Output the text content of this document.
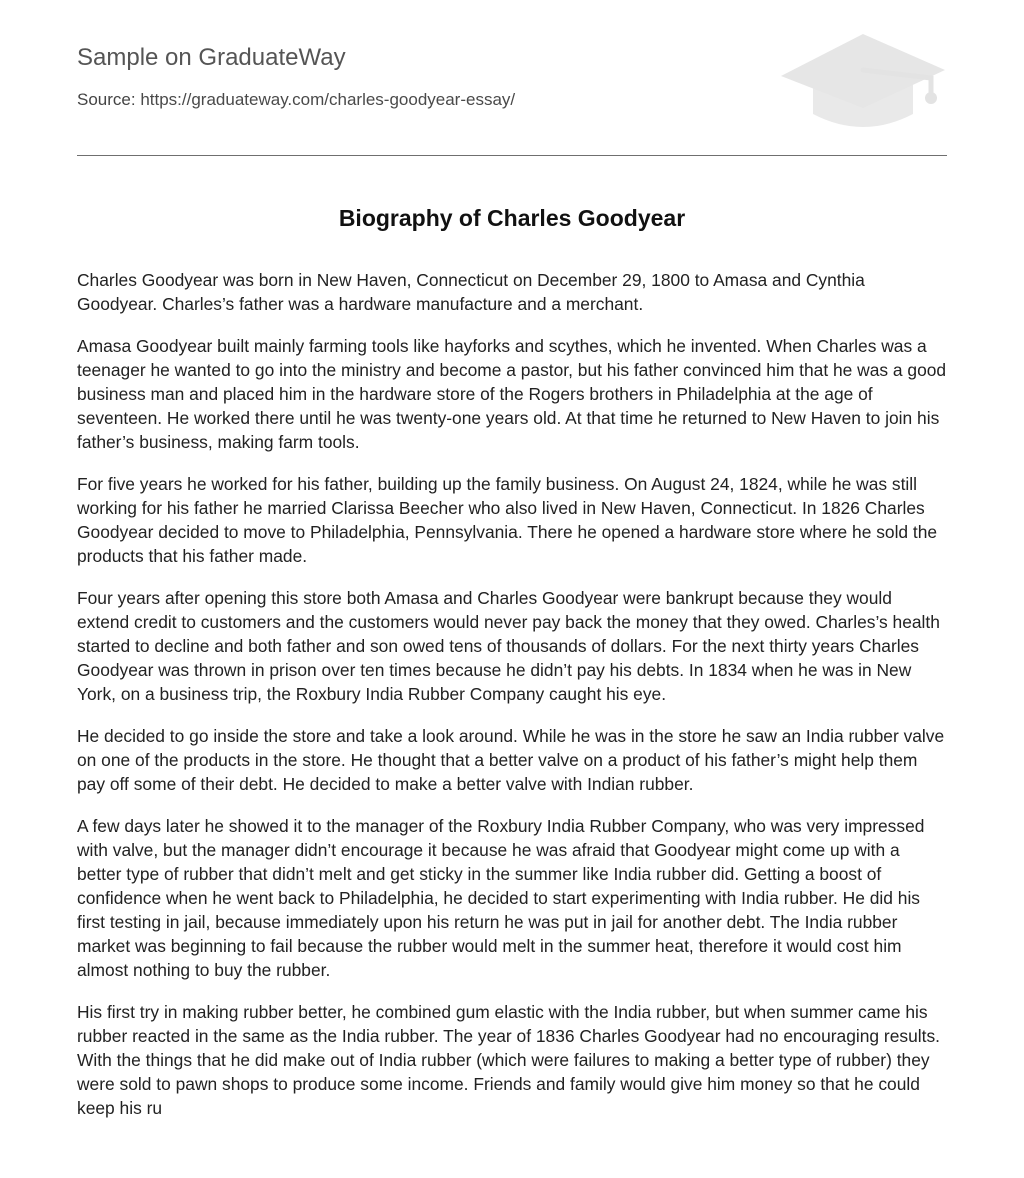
Sample on GraduateWay
Source: https://graduateway.com/charles-goodyear-essay/
Biography of Charles Goodyear

Charles Goodyear was born in New Haven, Connecticut on December 29, 1800 to Amasa and Cynthia Goodyear. Charles’s father was a hardware manufacture and a merchant.

Amasa Goodyear built mainly farming tools like hayforks and scythes, which he invented. When Charles was a teenager he wanted to go into the ministry and become a pastor, but his father convinced him that he was a good business man and placed him in the hardware store of the Rogers brothers in Philadelphia at the age of seventeen. He worked there until he was twenty-one years old. At that time he returned to New Haven to join his father’s business, making farm tools.

For five years he worked for his father, building up the family business. On August 24, 1824, while he was still working for his father he married Clarissa Beecher who also lived in New Haven, Connecticut. In 1826 Charles Goodyear decided to move to Philadelphia, Pennsylvania. There he opened a hardware store where he sold the products that his father made.

Four years after opening this store both Amasa and Charles Goodyear were bankrupt because they would extend credit to customers and the customers would never pay back the money that they owed. Charles’s health started to decline and both father and son owed tens of thousands of dollars. For the next thirty years Charles Goodyear was thrown in prison over ten times because he didn’t pay his debts. In 1834 when he was in New York, on a business trip, the Roxbury India Rubber Company caught his eye.

He decided to go inside the store and take a look around. While he was in the store he saw an India rubber valve on one of the products in the store. He thought that a better valve on a product of his father’s might help them pay off some of their debt. He decided to make a better valve with Indian rubber.

A few days later he showed it to the manager of the Roxbury India Rubber Company, who was very impressed with valve, but the manager didn’t encourage it because he was afraid that Goodyear might come up with a better type of rubber that didn’t melt and get sticky in the summer like India rubber did. Getting a boost of confidence when he went back to Philadelphia, he decided to start experimenting with India rubber. He did his first testing in jail, because immediately upon his return he was put in jail for another debt. The India rubber market was beginning to fail because the rubber would melt in the summer heat, therefore it would cost him almost nothing to buy the rubber.

His first try in making rubber better, he combined gum elastic with the India rubber, but when summer came his rubber reacted in the same as the India rubber. The year of 1836 Charles Goodyear had no encouraging results. With the things that he did make out of India rubber (which were failures to making a better type of rubber) they were sold to pawn shops to produce some income. Friends and family would give him money so that he could keep his ru
